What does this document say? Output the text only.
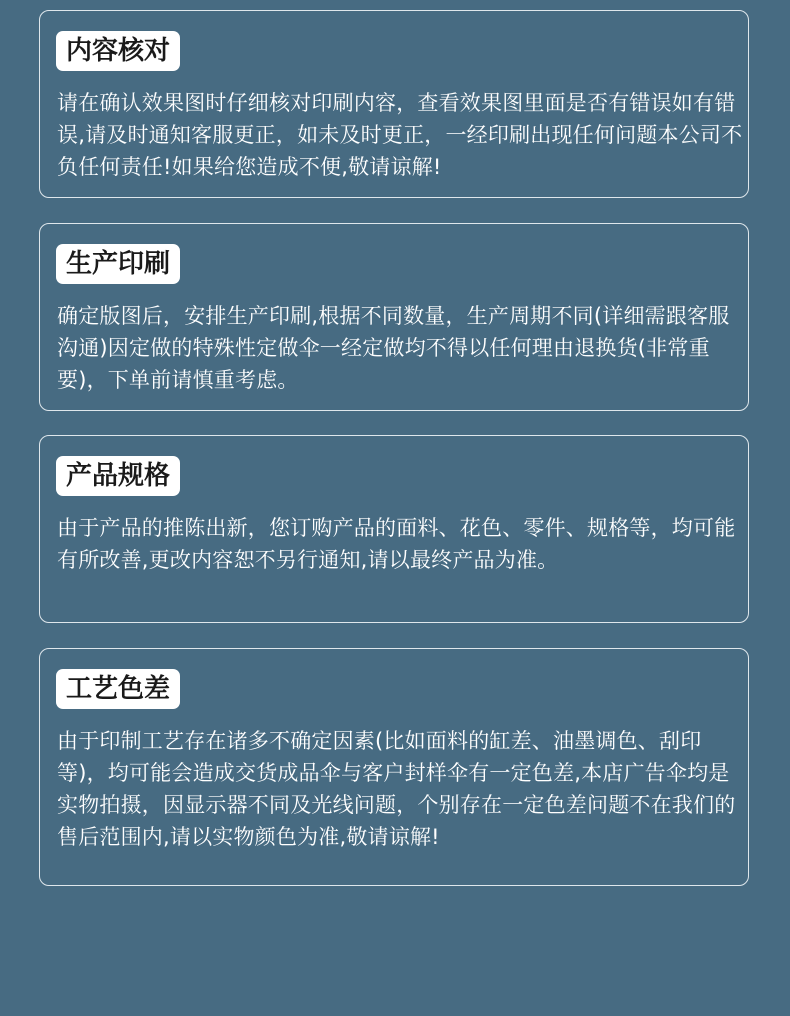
内容核对

请在确认效果图时仔细核对印刷内容，查看效果图里面是否有错误如有错误,请及时通知客服更正，如未及时更正，一经印刷出现任何问题本公司不负任何责任!如果给您造成不便,敬请谅解!

生产印刷

确定版图后，安排生产印刷,根据不同数量，生产周期不同(详细需跟客服沟通)因定做的特殊性定做伞一经定做均不得以任何理由退换货(非常重要)，下单前请慎重考虑。

产品规格

由于产品的推陈出新，您订购产品的面料、花色、零件、规格等，均可能有所改善,更改内容恕不另行通知,请以最终产品为准。

工艺色差

由于印制工艺存在诸多不确定因素(比如面料的缸差、油墨调色、刮印等)，均可能会造成交货成品伞与客户封样伞有一定色差,本店广告伞均是实物拍摄，因显示器不同及光线问题，个别存在一定色差问题不在我们的售后范围内,请以实物颜色为准,敬请谅解!
